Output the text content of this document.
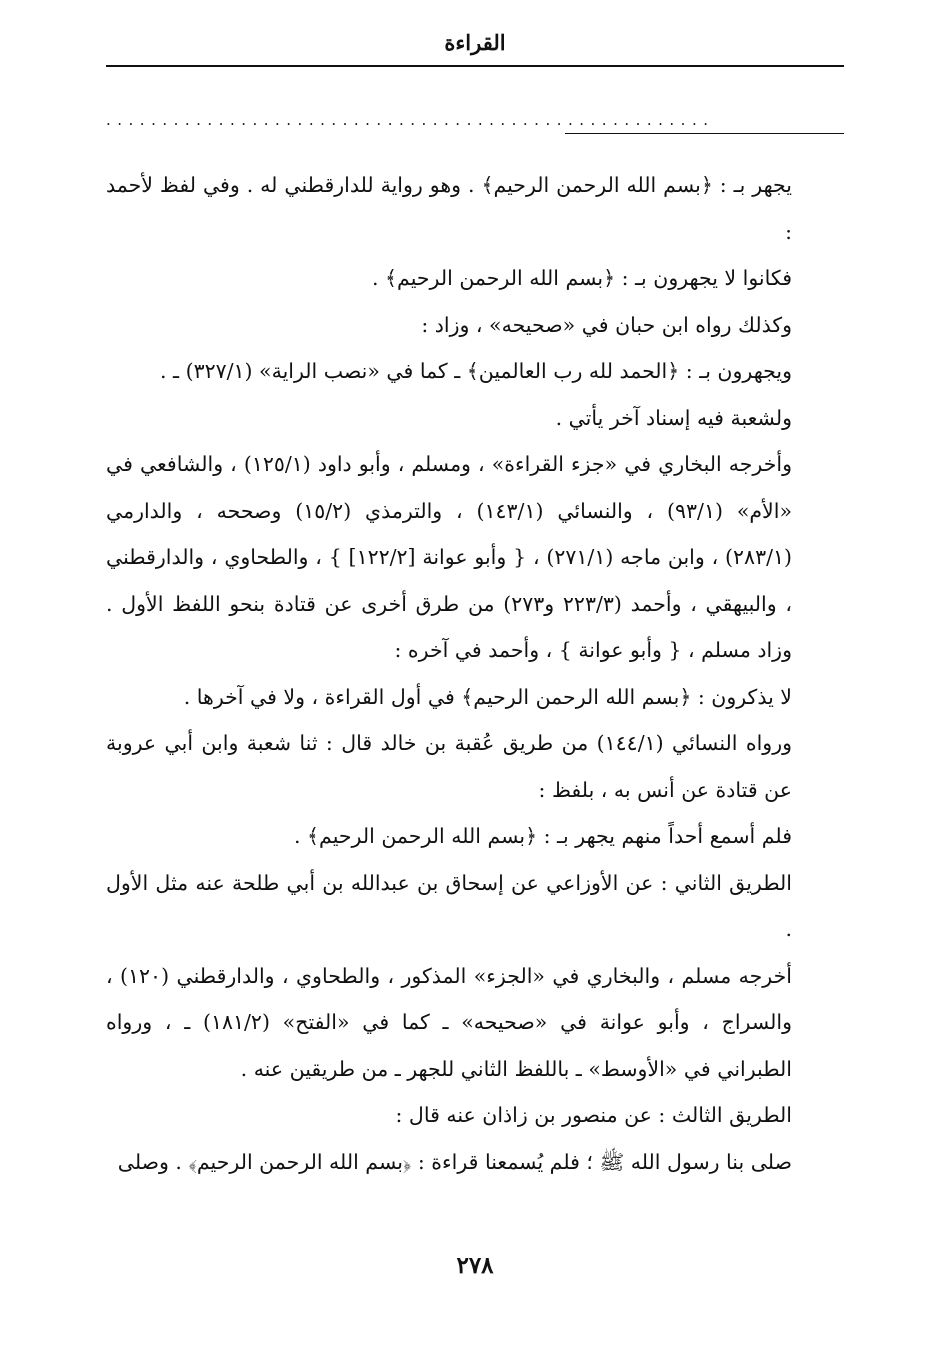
القراءة
......................................................

يجهر بـ : ﴿بسم الله الرحمن الرحيم﴾ . وهو رواية للدارقطني له . وفي لفظ لأحمد :

فكانوا لا يجهرون بـ : ﴿بسم الله الرحمن الرحيم﴾ .

وكذلك رواه ابن حبان في «صحيحه» ، وزاد :

ويجهرون بـ : ﴿الحمد لله رب العالمين﴾ ـ كما في «نصب الراية» (٣٢٧/١) ـ .

ولشعبة فيه إسناد آخر يأتي .

وأخرجه البخاري في «جزء القراءة» ، ومسلم ، وأبو داود (١٢٥/١) ، والشافعي في «الأم» (٩٣/١) ، والنسائي (١٤٣/١) ، والترمذي (١٥/٢) وصححه ، والدارمي (٢٨٣/١) ، وابن ماجه (٢٧١/١) ، { وأبو عوانة [١٢٢/٢] } ، والطحاوي ، والدارقطني ، والبيهقي ، وأحمد (٢٢٣/٣ و٢٧٣) من طرق أخرى عن قتادة بنحو اللفظ الأول . وزاد مسلم ، { وأبو عوانة } ، وأحمد في آخره :

لا يذكرون : ﴿بسم الله الرحمن الرحيم﴾ في أول القراءة ، ولا في آخرها .

ورواه النسائي (١٤٤/١) من طريق عُقبة بن خالد قال : ثنا شعبة وابن أبي عروبة عن قتادة عن أنس به ، بلفظ :

فلم أسمع أحداً منهم يجهر بـ : ﴿بسم الله الرحمن الرحيم﴾ .

الطريق الثاني : عن الأوزاعي عن إسحاق بن عبدالله بن أبي طلحة عنه مثل الأول .

أخرجه مسلم ، والبخاري في «الجزء» المذكور ، والطحاوي ، والدارقطني (١٢٠) ، والسراج ، وأبو عوانة في «صحيحه» ـ كما في «الفتح» (١٨١/٢) ـ ، ورواه الطبراني في «الأوسط» ـ باللفظ الثاني للجهر ـ من طريقين عنه .

الطريق الثالث : عن منصور بن زاذان عنه قال :

صلى بنا رسول الله ﷺ ؛ فلم يُسمعنا قراءة : ﴿بسم الله الرحمن الرحيم﴾ . وصلى

٢٧٨
